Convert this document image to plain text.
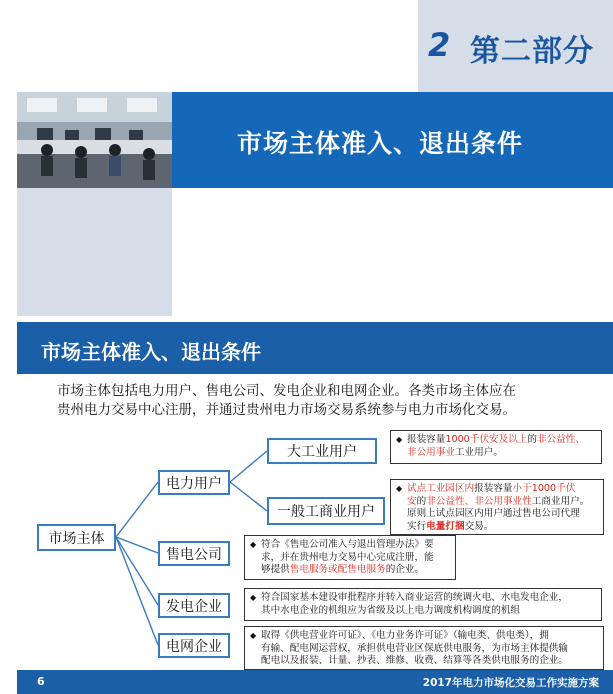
2 第二部分
市场主体准入、退出条件
市场主体准入、退出条件
市场主体包括电力用户、售电公司、发电企业和电网企业。各类市场主体应在
贵州电力交易中心注册，并通过贵州电力市场交易系统参与电力市场化交易。
市场主体
电力用户
大工业用户
一般工商业用户
售电公司
发电企业
电网企业
◆ 报装容量1000千伏安及以上的非公益性、
非公用事业工业用户。
◆ 试点工业园区内报装容量小于1000千伏
安的非公益性、非公用事业性工商业用户。
原则上试点园区内用户通过售电公司代理
实行电量打捆交易。
◆ 符合《售电公司准入与退出管理办法》要
求，并在贵州电力交易中心完成注册，能
够提供售电服务或配售电服务的企业。
◆ 符合国家基本建设审批程序并转入商业运营的统调火电、水电发电企业，
其中水电企业的机组应为省级及以上电力调度机构调度的机组
◆ 取得《供电营业许可证》、《电力业务许可证》（输电类、供电类），拥
有输、配电网运营权，承担供电营业区保底供电服务，为市场主体提供输
配电以及报装、计量、抄表、维修、收费、结算等各类供电服务的企业。
6	2017年电力市场化交易工作实施方案
